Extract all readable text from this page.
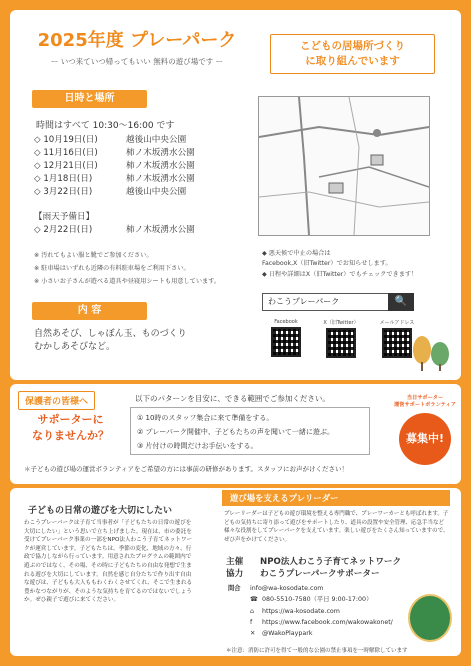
2025年度 プレーパーク
ー いつ来ていつ帰ってもいい 無料の遊び場です ー
こどもの居場所づくり
に取り組んでいます
日時と場所
時間はすべて 10:30〜16:00 です
◇ 10月19日(日)	越後山中央公園
◇ 11月16日(日)	柿ノ木坂湧水公園
◇ 12月21日(日)	柿ノ木坂湧水公園
◇ 1月18日(日)	柿ノ木坂湧水公園
◇ 3月22日(日)	越後山中央公園
【雨天予備日】
◇ 2月22日(日)	柿ノ木坂湧水公園
※ 汚れてもよい服と靴でご参加ください。
※ 駐車場はいずれも近隣の有料駐車場をご利用下さい。
※ 小さいお子さんが遊べる道具や昼寝用シートも用意しています。
◆ 悪天候で中止の場合は
Facebook,X（旧Twitter）でお知らせします。
◆ 日程や詳細はX（旧Twitter）でもチェックできます！
わこうプレーパーク	🔍
Facebook	X（旧Twitter）	メールアドレス
内 容
自然あそび、しゃぼん玉、ものづくり
むかしあそびなど。
保護者の皆様へ
サポーターに
なりませんか？
以下のパターンを目安に、できる範囲でご参加ください。
① 10時のスタッフ集合に来て準備をする。
② プレーパーク開催中、子どもたちの声を聞いて一緒に遊ぶ。
③ 片付けの時間だけお手伝いをする。
当日サポーター
運営サポートボランティア
募集中!
＊子どもの遊び場の運営ボランティアをご希望の方には事前の研修があります。スタッフにお声がけください！
子どもの日常の遊びを大切にしたい
わこうプレーパークは子育て当事者が「子どもたちの日常の遊びを大切にしたい」という思いで立ち上げました。現在は、市の委託を受けてプレーパーク事業の一部をNPO法人わこう子育てネットワークが運営しています。子どもたちは、季節の変化、地域の方々、行政で協力しながら行っています。用意されたプログラムの範囲内で遊ぶのではなく、その場、その時に子どもたちの自由な発想で生まれる遊びを大切にしています。自然を感じ自分たちで作り出す自由な遊びは、子どもも大人ももわくわくさせてくれ、そこで生まれる豊かなつながりが、そのような気持ちを育てるのではないでしょうか。ぜひ親子で遊びに来てください。
遊び場を支えるプレリーダー
プレーリーダーは子どもの遊び環境を整える専門職で、プレーワーカーとも呼ばれます。子どもの気持ちに寄り添って遊びをサポートしたり、道具の設置や安全管理、応急手当など様々な役割をしてプレーパークを支えています。楽しい遊びをたくさん知っていますので、ぜひ声をかけてください。
主催 NPO法人わこう子育てネットワーク
協力 わこうプレーパークサポーター
問合 info@wa-kosodate.com
☎ 080-5510-7580（平日 9:00-17:00）
⌂ https://wa-kosodate.com
f https://www.facebook.com/wakowakonet/
✕ @WakoPlaypark
＊注意：消防に許可を得て一般的な公園の禁止事項を一時解除しています
